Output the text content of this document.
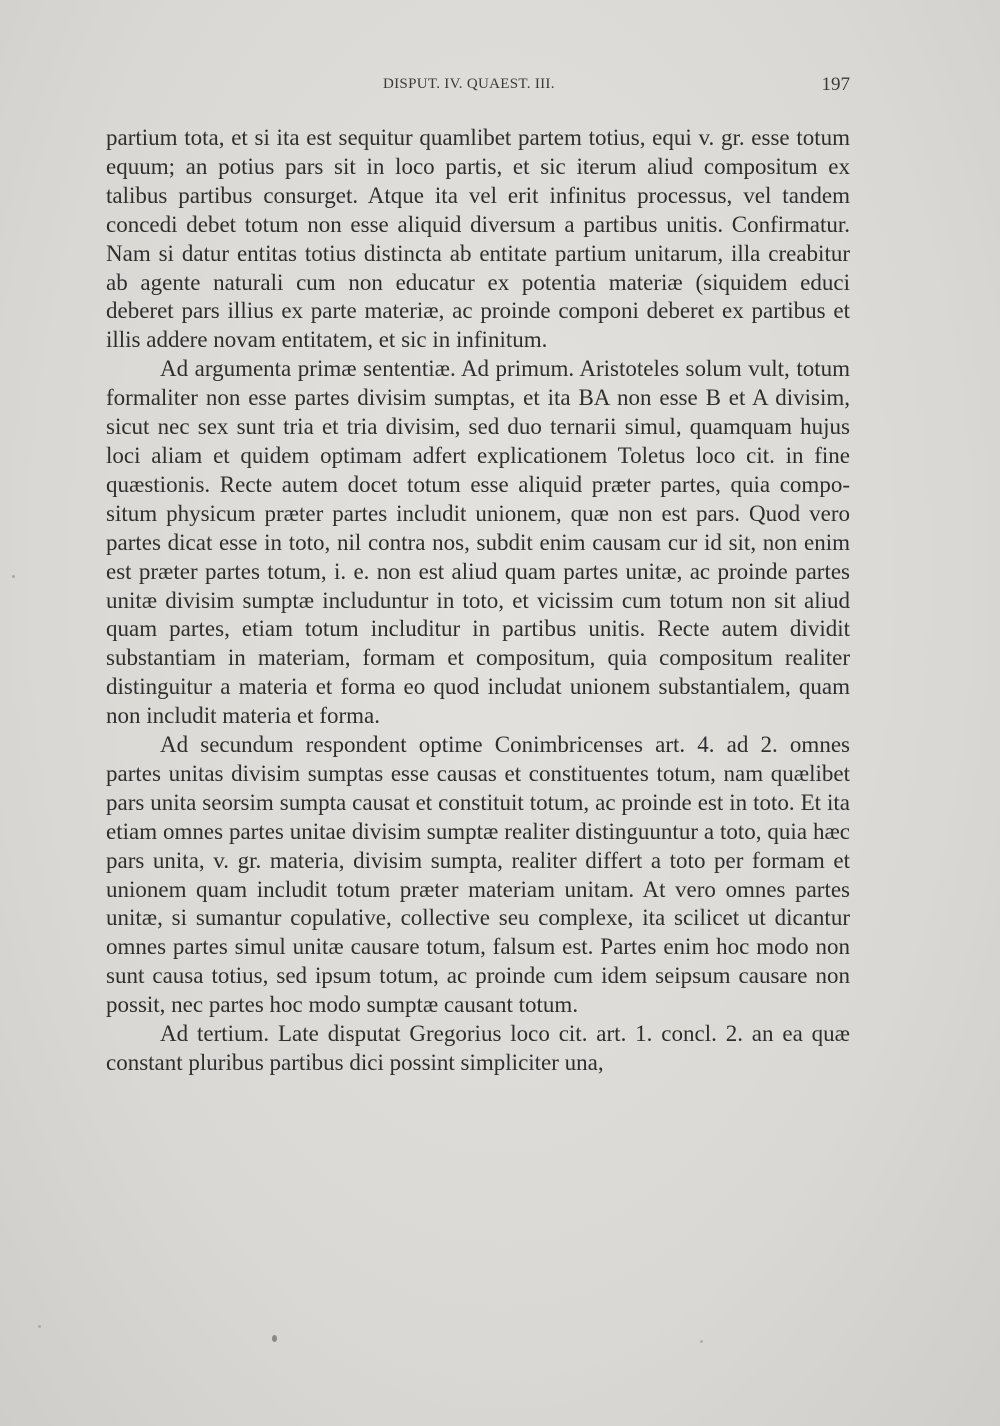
DISPUT. IV. QUAEST. III.	197

partium tota, et si ita est sequitur quamlibet partem totius, equi v. gr. esse totum equum; an potius pars sit in loco partis, et sic iterum aliud compositum ex talibus partibus consurget. Atque ita vel erit infinitus processus, vel tandem concedi debet totum non esse aliquid diversum a partibus unitis. Confirmatur. Nam si datur entitas totius distincta ab entitate partium unitarum, illa creabitur ab agente naturali cum non educatur ex potentia materiæ (siquidem educi deberet pars illius ex parte materiæ, ac proinde componi deberet ex partibus et illis addere novam entitatem, et sic in infinitum.

Ad argumenta primæ sententiæ. Ad primum. Aristoteles solum vult, totum formaliter non esse partes divisim sumptas, et ita BA non esse B et A divisim, sicut nec sex sunt tria et tria divisim, sed duo ternarii simul, quamquam hujus loci aliam et quidem optimam adfert explicationem Toletus loco cit. in fine quæstionis. Recte autem docet totum esse aliquid præter partes, quia compositum physicum præter partes includit unionem, quæ non est pars. Quod vero partes dicat esse in toto, nil contra nos, subdit enim causam cur id sit, non enim est præter partes totum, i. e. non est aliud quam partes unitæ, ac proinde partes unitæ divisim sumptæ includuntur in toto, et vicissim cum totum non sit aliud quam partes, etiam totum includitur in partibus unitis. Recte autem dividit substantiam in materiam, formam et compositum, quia compositum realiter distinguitur a materia et forma eo quod includat unionem substantialem, quam non includit materia et forma.

Ad secundum respondent optime Conimbricenses art. 4. ad 2. omnes partes unitas divisim sumptas esse causas et constituentes totum, nam quælibet pars unita seorsim sumpta causat et constituit totum, ac proinde est in toto. Et ita etiam omnes partes unitae divisim sumptæ realiter distinguuntur a toto, quia hæc pars unita, v. gr. materia, divisim sumpta, realiter differt a toto per formam et unionem quam includit totum præter materiam unitam. At vero omnes partes unitæ, si sumantur copulative, collective seu complexe, ita scilicet ut dicantur omnes partes simul unitæ causare totum, falsum est. Partes enim hoc modo non sunt causa totius, sed ipsum totum, ac proinde cum idem seipsum causare non possit, nec partes hoc modo sumptæ causant totum.

Ad tertium. Late disputat Gregorius loco cit. art. 1. concl. 2. an ea quæ constant pluribus partibus dici possint simpliciter una,
